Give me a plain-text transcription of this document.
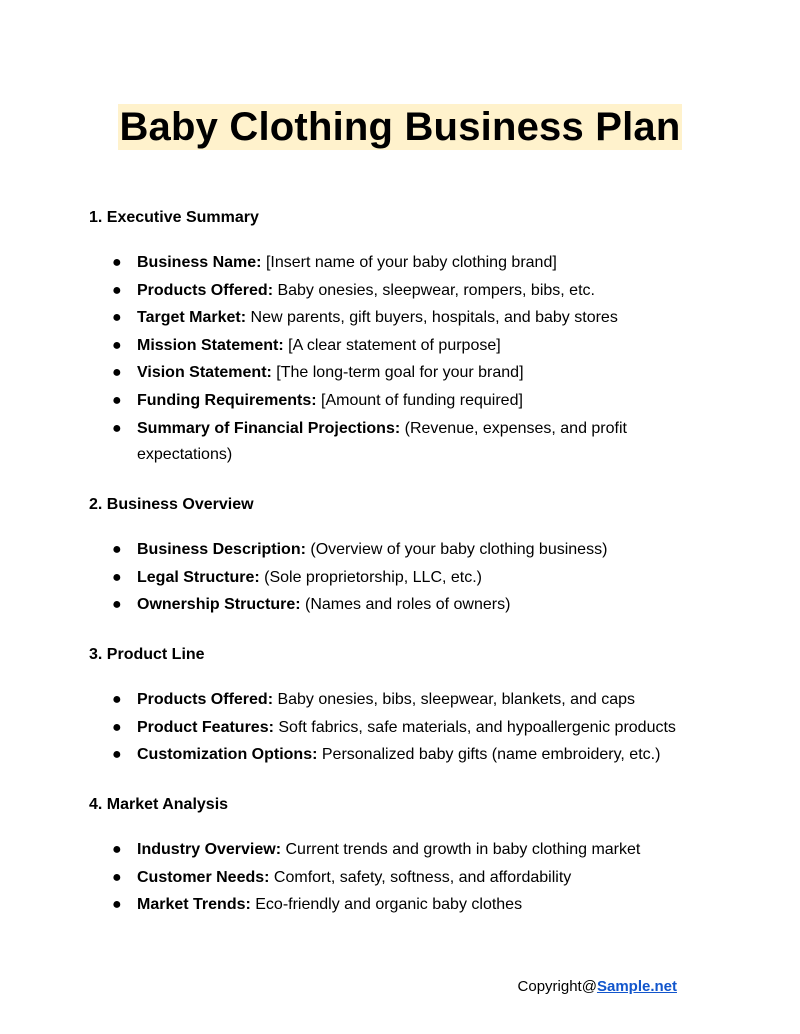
Baby Clothing Business Plan
1. Executive Summary
● Business Name: [Insert name of your baby clothing brand]
● Products Offered: Baby onesies, sleepwear, rompers, bibs, etc.
● Target Market: New parents, gift buyers, hospitals, and baby stores
● Mission Statement: [A clear statement of purpose]
● Vision Statement: [The long-term goal for your brand]
● Funding Requirements: [Amount of funding required]
● Summary of Financial Projections: (Revenue, expenses, and profit expectations)
2. Business Overview
● Business Description: (Overview of your baby clothing business)
● Legal Structure: (Sole proprietorship, LLC, etc.)
● Ownership Structure: (Names and roles of owners)
3. Product Line
● Products Offered: Baby onesies, bibs, sleepwear, blankets, and caps
● Product Features: Soft fabrics, safe materials, and hypoallergenic products
● Customization Options: Personalized baby gifts (name embroidery, etc.)
4. Market Analysis
● Industry Overview: Current trends and growth in baby clothing market
● Customer Needs: Comfort, safety, softness, and affordability
● Market Trends: Eco-friendly and organic baby clothes
Copyright@Sample.net
